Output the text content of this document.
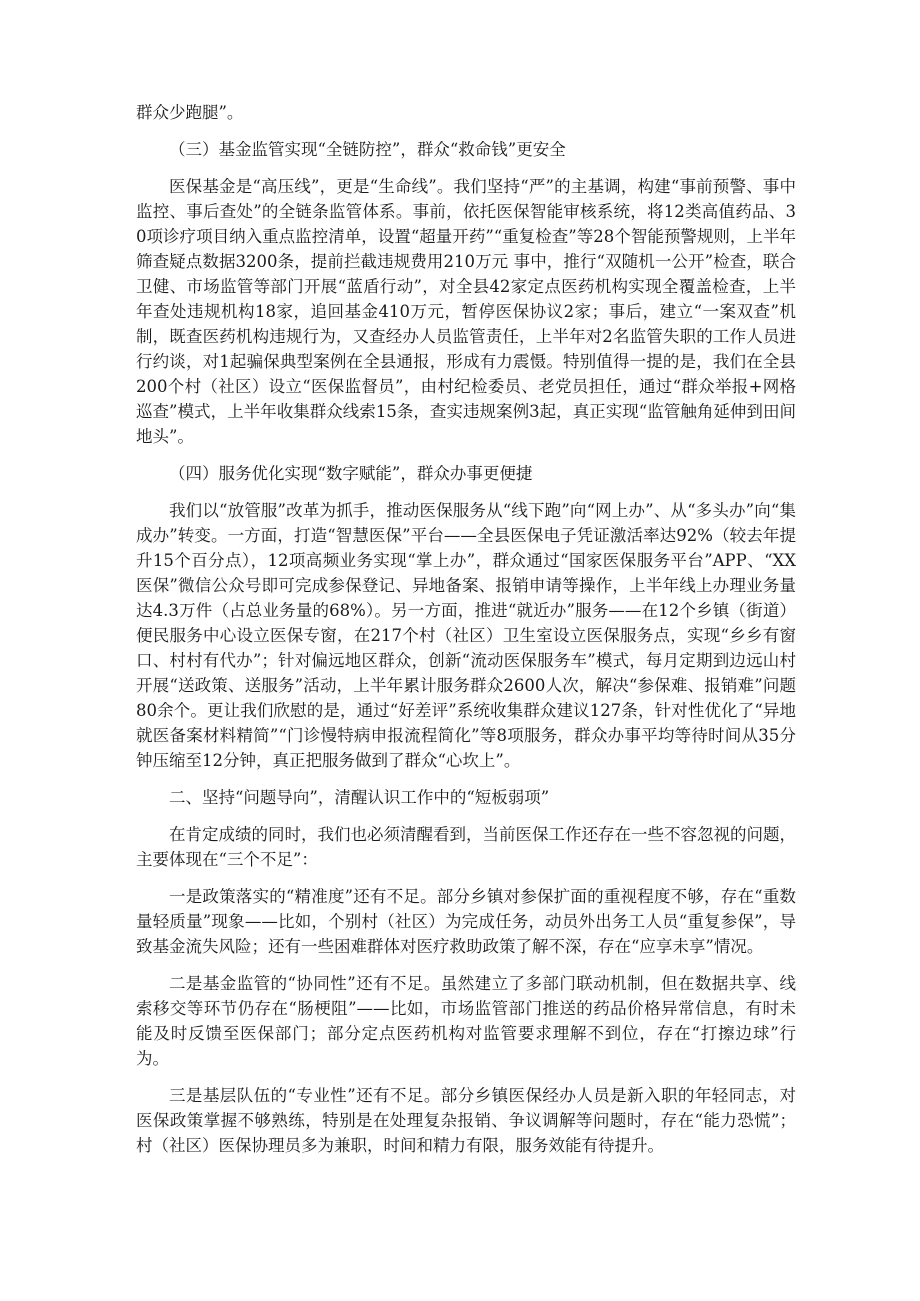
群众少跑腿”。

（三）基金监管实现“全链防控”，群众“救命钱”更安全

医保基金是“高压线”，更是“生命线”。我们坚持“严”的主基调，构建“事前预警、事中监控、事后查处”的全链条监管体系。事前，依托医保智能审核系统，将12类高值药品、30项诊疗项目纳入重点监控清单，设置“超量开药”“重复检查”等28个智能预警规则，上半年筛查疑点数据3200条，提前拦截违规费用210万元 事中，推行“双随机一公开”检查，联合卫健、市场监管等部门开展“蓝盾行动”，对全县42家定点医药机构实现全覆盖检查，上半年查处违规机构18家，追回基金410万元，暂停医保协议2家；事后，建立“一案双查”机制，既查医药机构违规行为，又查经办人员监管责任，上半年对2名监管失职的工作人员进行约谈，对1起骗保典型案例在全县通报，形成有力震慑。特别值得一提的是，我们在全县200个村（社区）设立“医保监督员”，由村纪检委员、老党员担任，通过“群众举报+网格巡查”模式，上半年收集群众线索15条，查实违规案例3起，真正实现“监管触角延伸到田间地头”。

（四）服务优化实现“数字赋能”，群众办事更便捷

我们以“放管服”改革为抓手，推动医保服务从“线下跑”向“网上办”、从“多头办”向“集成办”转变。一方面，打造“智慧医保”平台——全县医保电子凭证激活率达92%（较去年提升15个百分点），12项高频业务实现“掌上办”，群众通过“国家医保服务平台”APP、“XX医保”微信公众号即可完成参保登记、异地备案、报销申请等操作，上半年线上办理业务量达4.3万件（占总业务量的68%）。另一方面，推进“就近办”服务——在12个乡镇（街道）便民服务中心设立医保专窗，在217个村（社区）卫生室设立医保服务点，实现“乡乡有窗口、村村有代办”；针对偏远地区群众，创新“流动医保服务车”模式，每月定期到边远山村开展“送政策、送服务”活动，上半年累计服务群众2600人次，解决“参保难、报销难”问题80余个。更让我们欣慰的是，通过“好差评”系统收集群众建议127条，针对性优化了“异地就医备案材料精简”“门诊慢特病申报流程简化”等8项服务，群众办事平均等待时间从35分钟压缩至12分钟，真正把服务做到了群众“心坎上”。

二、坚持“问题导向”，清醒认识工作中的“短板弱项”

在肯定成绩的同时，我们也必须清醒看到，当前医保工作还存在一些不容忽视的问题，主要体现在“三个不足”：

一是政策落实的“精准度”还有不足。部分乡镇对参保扩面的重视程度不够，存在“重数量轻质量”现象——比如，个别村（社区）为完成任务，动员外出务工人员“重复参保”，导致基金流失风险；还有一些困难群体对医疗救助政策了解不深，存在“应享未享”情况。

二是基金监管的“协同性”还有不足。虽然建立了多部门联动机制，但在数据共享、线索移交等环节仍存在“肠梗阻”——比如，市场监管部门推送的药品价格异常信息，有时未能及时反馈至医保部门；部分定点医药机构对监管要求理解不到位，存在“打擦边球”行为。

三是基层队伍的“专业性”还有不足。部分乡镇医保经办人员是新入职的年轻同志，对医保政策掌握不够熟练，特别是在处理复杂报销、争议调解等问题时，存在“能力恐慌”；村（社区）医保协理员多为兼职，时间和精力有限，服务效能有待提升。
